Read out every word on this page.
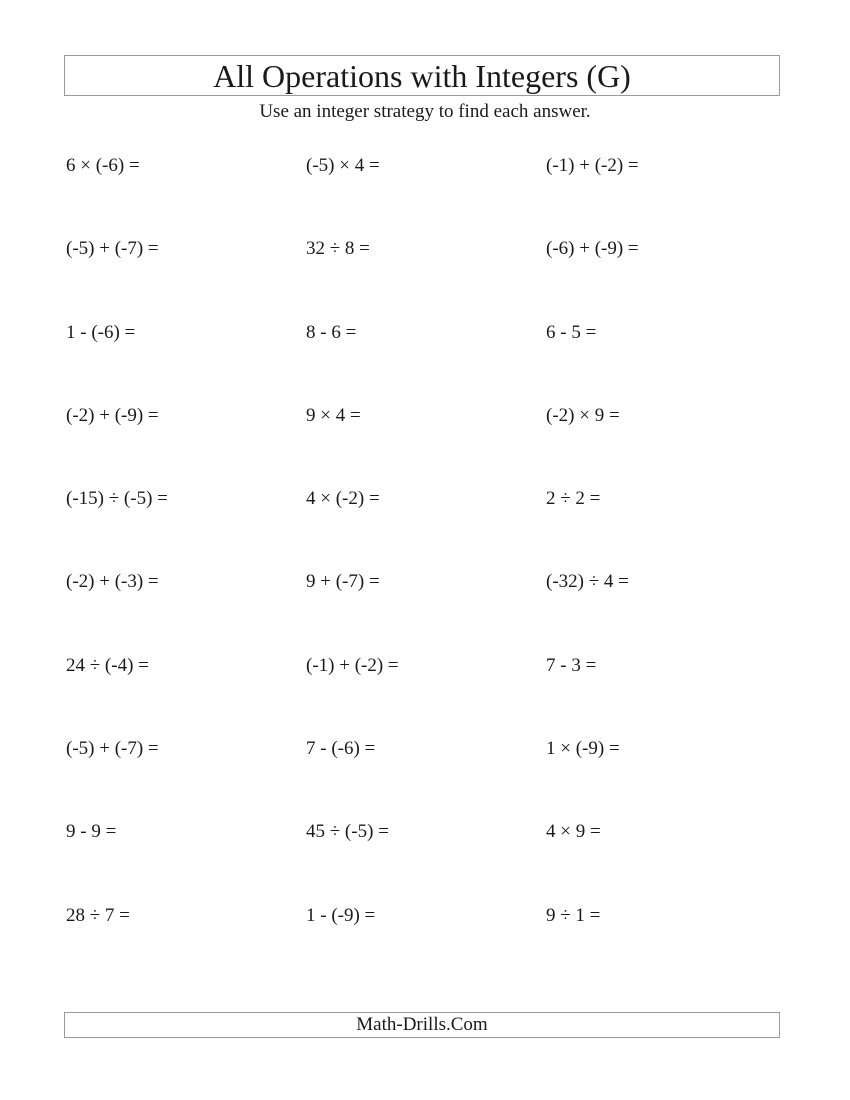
All Operations with Integers (G)
Use an integer strategy to find each answer.
6 × (-6) =	(-5) × 4 =	(-1) + (-2) =
(-5) + (-7) =	32 ÷ 8 =	(-6) + (-9) =
1 - (-6) =	8 - 6 =	6 - 5 =
(-2) + (-9) =	9 × 4 =	(-2) × 9 =
(-15) ÷ (-5) =	4 × (-2) =	2 ÷ 2 =
(-2) + (-3) =	9 + (-7) =	(-32) ÷ 4 =
24 ÷ (-4) =	(-1) + (-2) =	7 - 3 =
(-5) + (-7) =	7 - (-6) =	1 × (-9) =
9 - 9 =	45 ÷ (-5) =	4 × 9 =
28 ÷ 7 =	1 - (-9) =	9 ÷ 1 =
Math-Drills.Com
